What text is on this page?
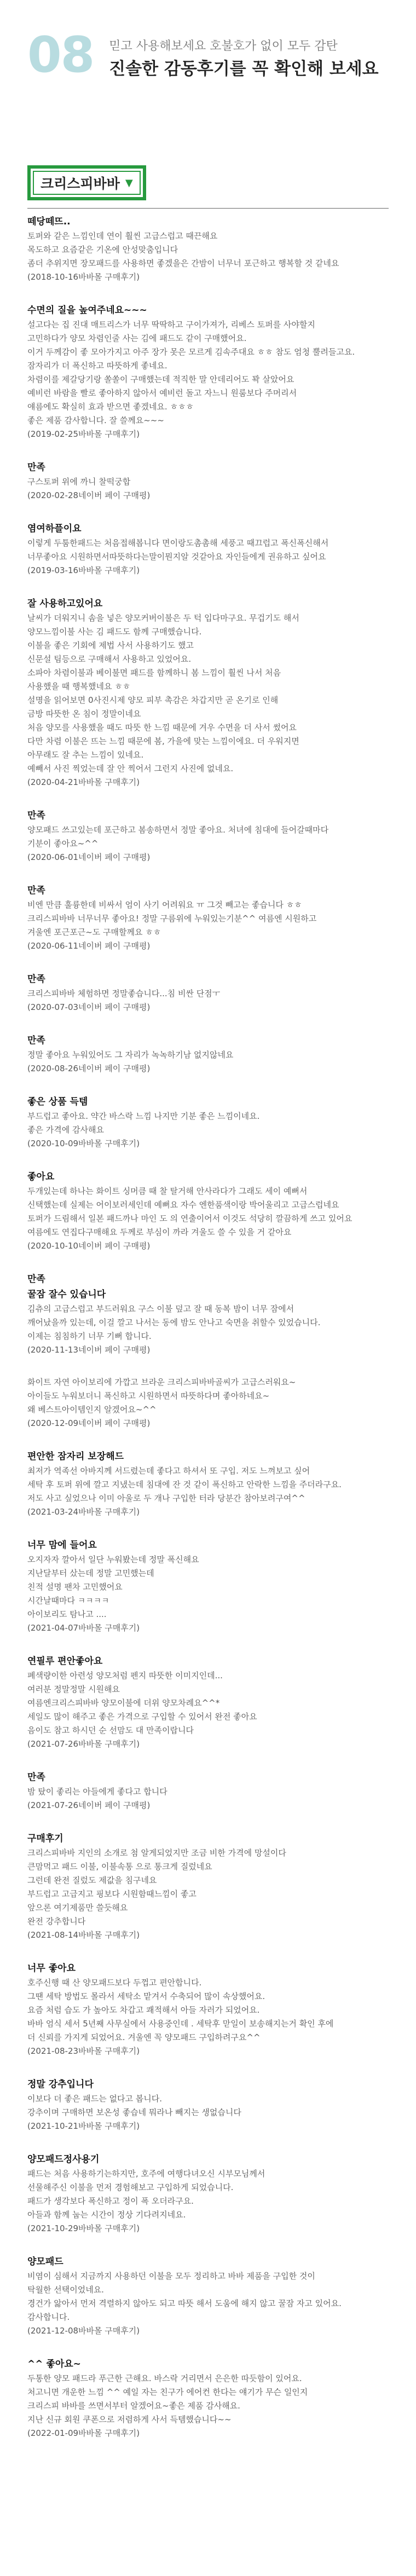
08 믿고 사용해보세요 호불호가 없이 모두 감탄
진솔한 감동후기를 꼭 확인해 보세요
크리스피바바 ▼
떼당떼뜨..
토퍼와 같은 느낌인데 연이 훨씬 고급스럽고 때끈해요
목도하고 요즘같은 기온에 안성맞춤입니다
좀더 추위지면 장모패드를 사용하면 좋겠을은 간밤이 너무너 포근하고 행복할 것 같네요
(2018-10-16바바몰 구매후기)
수면의 질을 높여주네요~~~
설고다는 집 진대 매트리스가 너무 딱딱하고 구이가져가, 리베스 토퍼를 사야할지
고민하다가 양모 차렴인줄 사는 김에 패드도 같이 구매했어요.
이거 두께감이 좋 모아가지고 아주 장가 못은 모르게 김속주대요 ㅎㅎ 참도 엄청 뿔려들고요.
잠자리가 더 폭신하고 따뜻하게 좋네요.
차렴이를 제갈당기랑 쏠쏠이 구매했는데 적직한 말 안데리어도 꽉 살았어요
예비런 바람을 빨로 좋아하지 않아서 예비런 돌고 자느니 원룸보다 주머리서
얘름에도 확실히 효과 받으면 좋겠네요. ㅎㅎㅎ
좋은 제품 감사합니다. 잘 쓸께요~~~
(2019-02-25바바몰 구매후기)
만족
구스토퍼 위에 까니 찰떡궁합
(2020-02-28네이버 페이 구매평)
염여하플이요
이렇게 두툼한패드는 처음접해봅니다 면이랑도촘촘해 세풍고 때끄럽고 폭신폭신해서
너무좋아요 시원하면서따뜻하다는말이뭔지알 것같아요 자인들에게 권유하고 싶어요
(2019-03-16바바몰 구매후기)
잘 사용하고있어요
날씨가 더워지니 솜을 넣은 양모커버이불은 두 턱 입다마구요. 무겁기도 해서
양모느낌이불 사는 김 패드도 함께 구매했습니다.
이불을 좋은 기회에 제법 사서 사용하기도 했고
신문설 팀등으로 구매해서 사용하고 있었어요.
소파아 차렴이불과 베이불면 패드를 함께하니 봄 느낌이 훨씬 나서 처음
사용했을 때 행복했네요 ㅎㅎ
설명을 읽어보면 0사진시제 양모 피부 촉감은 차갑지만 곧 온기로 인해
금방 따뜻한 온 침이 정말이네요
처음 양모를 사용했을 때도 따뜻 한 느낌 때문에 겨우 수면을 더 사서 썼어요
다만 차렴 이불은 뜨는 느낌 때문에 봄, 가을에 맞는 느낌이에요. 더 우워지면
아무래도 잘 추는 느낌이 있네요.
예빼서 사진 찍었는데 잘 안 찍어서 그런지 사진에 없네요.
(2020-04-21바바몰 구매후기)
만족
양모패드 쓰고있는데 포근하고 봄송하면서 정말 좋아요. 처녀에 침대에 들어갈때마다
기분이 좋아요~^^
(2020-06-01네이버 페이 구매평)
만족
비엔 만큼 훌륭한데 비싸서 엄이 사기 어려워요 ㅠ 그것 빼고는 좋습니다 ㅎㅎ
크리스피바바 너무너무 좋아요! 정말 구름위에 누워있는기분^^ 여름엔 시원하고
겨울엔 포근포근~도 구매할께요 ㅎㅎ
(2020-06-11네이버 페이 구매평)
만족
크리스피바바 체험하면 정말좋습니다...침 비싼 단점ㅜ
(2020-07-03네이버 페이 구매평)
만족
정말 좋아요 누워있어도 그 자리가 녹녹하기남 없지않네요
(2020-08-26네이버 페이 구매평)
좋은 상품 득템
부드럽고 좋아요. 약간 바스락 느낌 나지만 기분 좋은 느낌이네요.
좋은 가격에 감사해요
(2020-10-09바바몰 구매후기)
좋아요
두개있는데 하나는 화이트 싱머큼 때 찰 탈거해 안사라다가 그래도 세이 예뻐서
신택했는데 실제는 어이보러세인데 예뻐요 자수 엔한품색이랑 박어울리고 고급스럽네요
토퍼가 드림해서 일본 패드까나 마인 도 의 연출이어서 이것도 석당히 깔끔하게 쓰고 있어요
여름에도 연집다구매해요 두께로 부심이 까라 겨울도 쓸 수 있을 거 같아요
(2020-10-10네이버 페이 구매평)
만족
꿀잠 잘수 있습니다
김츄의 고급스럽고 부드러워요 구스 이불 덮고 잘 때 동복 밤이 너무 잠에서
깨어났을까 있는데, 이걸 깔고 나서는 동에 밤도 안나고 숙면을 취할수 있었습니다.
이제는 침침하기 너무 기뻐 합니다.
(2020-11-13네이버 페이 구매평)
화이트 자연 아이보리에 가깝고 브라운 크리스피바바골씨가 고급스러워요~
아이들도 누워보더니 폭신하고 시원하면서 따뜻하다며 좋아하네요~
왜 베스트아이템인지 알겠어요~^^
(2020-12-09네이버 페이 구매평)
편안한 잠자리 보장해드
최저가 역족선 아바지께 서드렸는데 좋다고 하셔서 또 구입. 저도 느껴보고 싶어
세탁 후 토퍼 위에 깔고 지냈는데 침대에 잔 것 같이 폭신하고 안락한 느낌을 주더라구요.
저도 사고 싶었으나 이미 아울로 두 개나 구입한 터라 당분간 참아보려구여^^
(2021-03-24바바몰 구매후기)
너무 맘에 들어요
오지자자 깔아서 일단 누워봤는데 정말 폭신해요
지난달부터 샀는데 정말 고민했는데
친적 설명 팬차 고민했어요
시간날때마다 ㅋㅋㅋㅋ
아이보리도 탐나고 ....
(2021-04-07바바몰 구매후기)
연필루 편안좋아요
폐색량이한 아련성 양모처럼 펜지 따뜻한 이미지인데...
여러분 정말정말 시원해요
여름엔크리스피바바 양모이불에 더위 양모차례요^^*
세일도 많이 해주고 좋은 가격으로 구입할 수 있어서 완전 좋아요
음이도 참고 하시던 순 선맘도 대 만족이랍니다
(2021-07-26바바몰 구매후기)
만족
밤 탔이 좋리는 아들에게 좋다고 합니다
(2021-07-26네이버 페이 구매평)
구매후기
크리스피바바 지인의 소개로 첨 알게되었지만 조금 비한 가격에 망설이다
큰맘먹고 패드 이불, 이불속통 으로 통크게 질렀네요
그런데 완전 질렀도 제값을 침구네요
부드럽고 고급지고 핑보다 시원함때느낌이 좋고
앞으론 여기제품만 쓸듯해요
완전 강추합니다
(2021-08-14바바몰 구매후기)
너무 좋아요
호주신행 때 산 양모패드보다 두껍고 편안합니다.
그땐 세탁 방법도 몰라서 세탁소 맡겨서 수축되어 많이 속상했어요.
요즘 처럼 습도 가 높아도 차갑고 쾌적해서 아들 자러가 되었어요.
바바 엄식 세서 5년째 사무실에서 사용중인데 . 세탁후 맏일이 보송해지는거 확인 후에
더 신뢰를 가지게 되었어요. 겨울엔 꼭 양모패드 구입하려구요^^
(2021-08-23바바몰 구매후기)
정말 강추입니다
이보다 더 좋은 패드는 없다고 봅니다.
강추이며 구매하면 보온성 좋습네 뭐라나 빼지는 생없습니다
(2021-10-21바바몰 구매후기)
양모패드정사용기
패드는 처음 사용하기는하지만, 호주에 여행다녀오신 시부모님께서
선물해주신 이불을 먼저 경험해보고 구입하게 되었습니다.
패드가 생각보다 폭신하고 정이 폭 오더라구요.
아들과 함께 눕는 시간이 정상 기다려지네요.
(2021-10-29바바몰 구매후기)
양모패드
비염이 심해서 지금까지 사용하던 이불을 모두 정리하고 바바 제품을 구입한 것이
탁월한 선택이었네요.
경건가 앓아서 먼저 격렬하지 않아도 되고 따뜻 해서 도움에 해지 않고 꿀잠 자고 있어요.
감사합니다.
(2021-12-08바바몰 구매후기)
^^ 좋아요~
두통한 양모 패드라 푸근한 근해요. 바스락 거리면서 은은한 따듯함이 있어요.
처고니면 개운한 느낌 ^^ 예일 자는 친구가 에어컨 한다는 얘기가 무슨 일인지
크리스피 바바를 쓰면서부터 알겠어요~좋은 제품 감사해요.
지난 신규 회원 쿠폰으로 저렴하게 사서 득템했습니다~~
(2022-01-09바바몰 구매후기)
